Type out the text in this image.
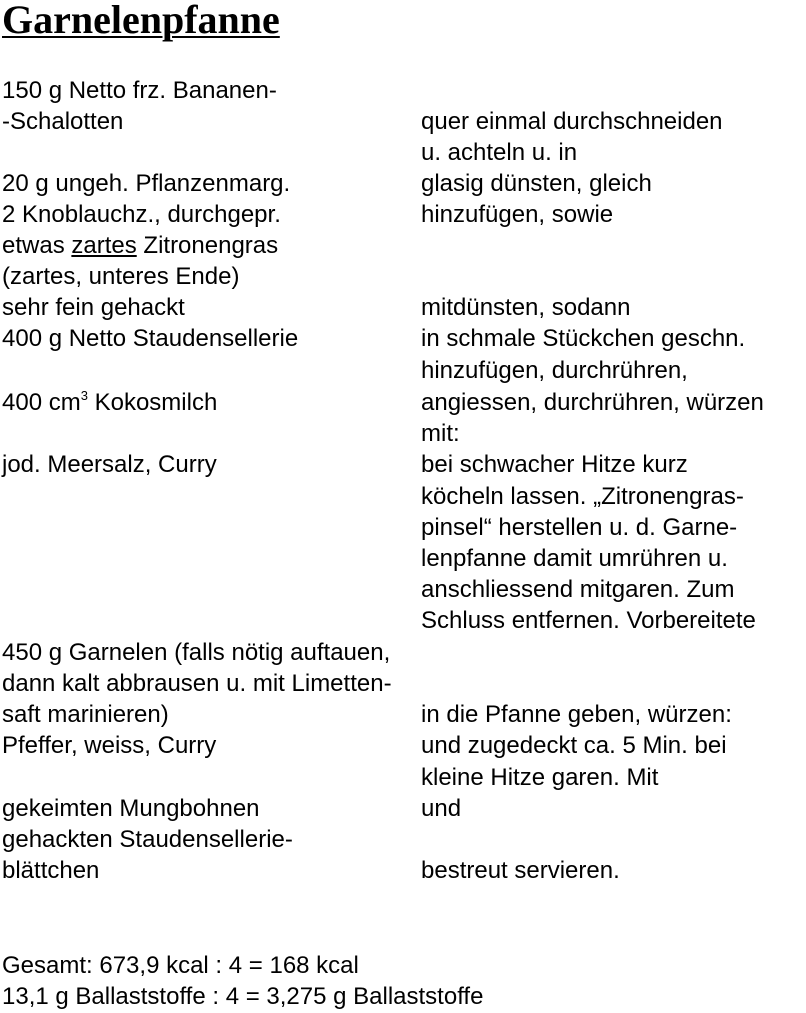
Garnelenpfanne
150 g Netto frz. Bananen-
-Schalotten
20 g ungeh. Pflanzenmarg.
2 Knoblauchz., durchgepr.
etwas zartes Zitronengras
(zartes, unteres Ende)
sehr fein gehackt
400 g Netto Staudensellerie
400 $cm^3$ Kokosmilch
jod. Meersalz, Curry
450 g Garnelen (falls nötig auftauen,
dann kalt abbrausen u. mit Limetten-
saft marinieren)
Pfeffer, weiss, Curry
gekeimten Mungbohnen
gehackten Staudensellerie-
blättchen
quer einmal durchschneiden
u. achteln u. in
glasig dünsten, gleich
hinzufügen, sowie
mitdünsten, sodann
in schmale Stückchen geschn.
hinzufügen, durchrühren,
angiessen, durchrühren, würzen
mit:
bei schwacher Hitze kurz
köcheln lassen. „Zitronengras-
pinsel“ herstellen u. d. Garne-
lenpfanne damit umrühren u.
anschliessend mitgaren. Zum
Schluss entfernen. Vorbereitete
in die Pfanne geben, würzen:
und zugedeckt ca. 5 Min. bei
kleine Hitze garen. Mit
und
bestreut servieren.
Gesamt: 673,9 kcal : 4 = 168 kcal
13,1 g Ballaststoffe : 4 = 3,275 g Ballaststoffe
